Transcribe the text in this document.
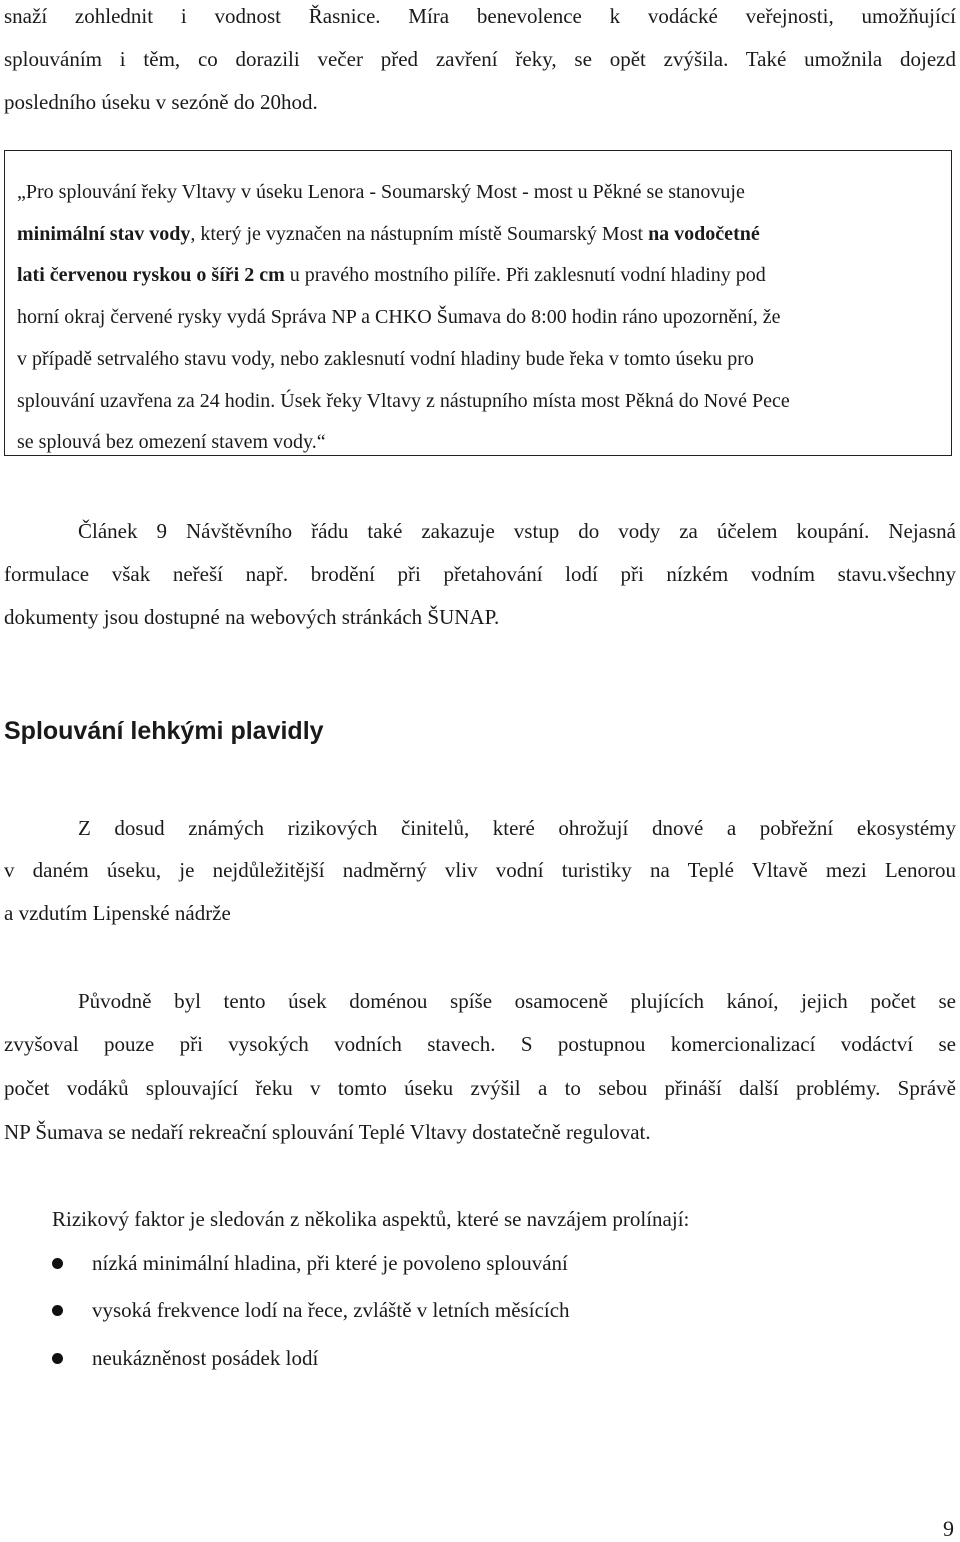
snaží zohlednit i vodnost Řasnice. Míra benevolence k vodácké veřejnosti, umožňující
splouváním i těm, co dorazili večer před zavření řeky, se opět zvýšila. Také umožnila dojezd
posledního úseku v sezóně do 20hod.
„Pro splouvání řeky Vltavy v úseku Lenora - Soumarský Most - most u Pěkné se stanovuje
minimální stav vody, který je vyznačen na nástupním místě Soumarský Most na vodočetné
lati červenou ryskou o šíři 2 cm u pravého mostního pilíře. Při zaklesnutí vodní hladiny pod
horní okraj červené rysky vydá Správa NP a CHKO Šumava do 8:00 hodin ráno upozornění, že
v případě setrvalého stavu vody, nebo zaklesnutí vodní hladiny bude řeka v tomto úseku pro
splouvání uzavřena za 24 hodin. Úsek řeky Vltavy z nástupního místa most Pěkná do Nové Pece
se splouvá bez omezení stavem vody.“
Článek 9 Návštěvního řádu také zakazuje vstup do vody za účelem koupání. Nejasná
formulace však neřeší např. brodění při přetahování lodí při nízkém vodním stavu.všechny
dokumenty jsou dostupné na webových stránkách ŠUNAP.
Splouvání lehkými plavidly
Z dosud známých rizikových činitelů, které ohrožují dnové a pobřežní ekosystémy
v daném úseku, je nejdůležitější nadměrný vliv vodní turistiky na Teplé Vltavě mezi Lenorou
a vzdutím Lipenské nádrže
Původně byl tento úsek doménou spíše osamoceně plujících kánoí, jejich počet se
zvyšoval pouze při vysokých vodních stavech. S postupnou komercionalizací vodáctví se
počet vodáků splouvající řeku v tomto úseku zvýšil a to sebou přináší další problémy. Správě
NP Šumava se nedaří rekreační splouvání Teplé Vltavy dostatečně regulovat.
Rizikový faktor je sledován z několika aspektů, které se navzájem prolínají:
nízká minimální hladina, při které je povoleno splouvání
vysoká frekvence lodí na řece, zvláště v letních měsících
neukázněnost posádek lodí
9
